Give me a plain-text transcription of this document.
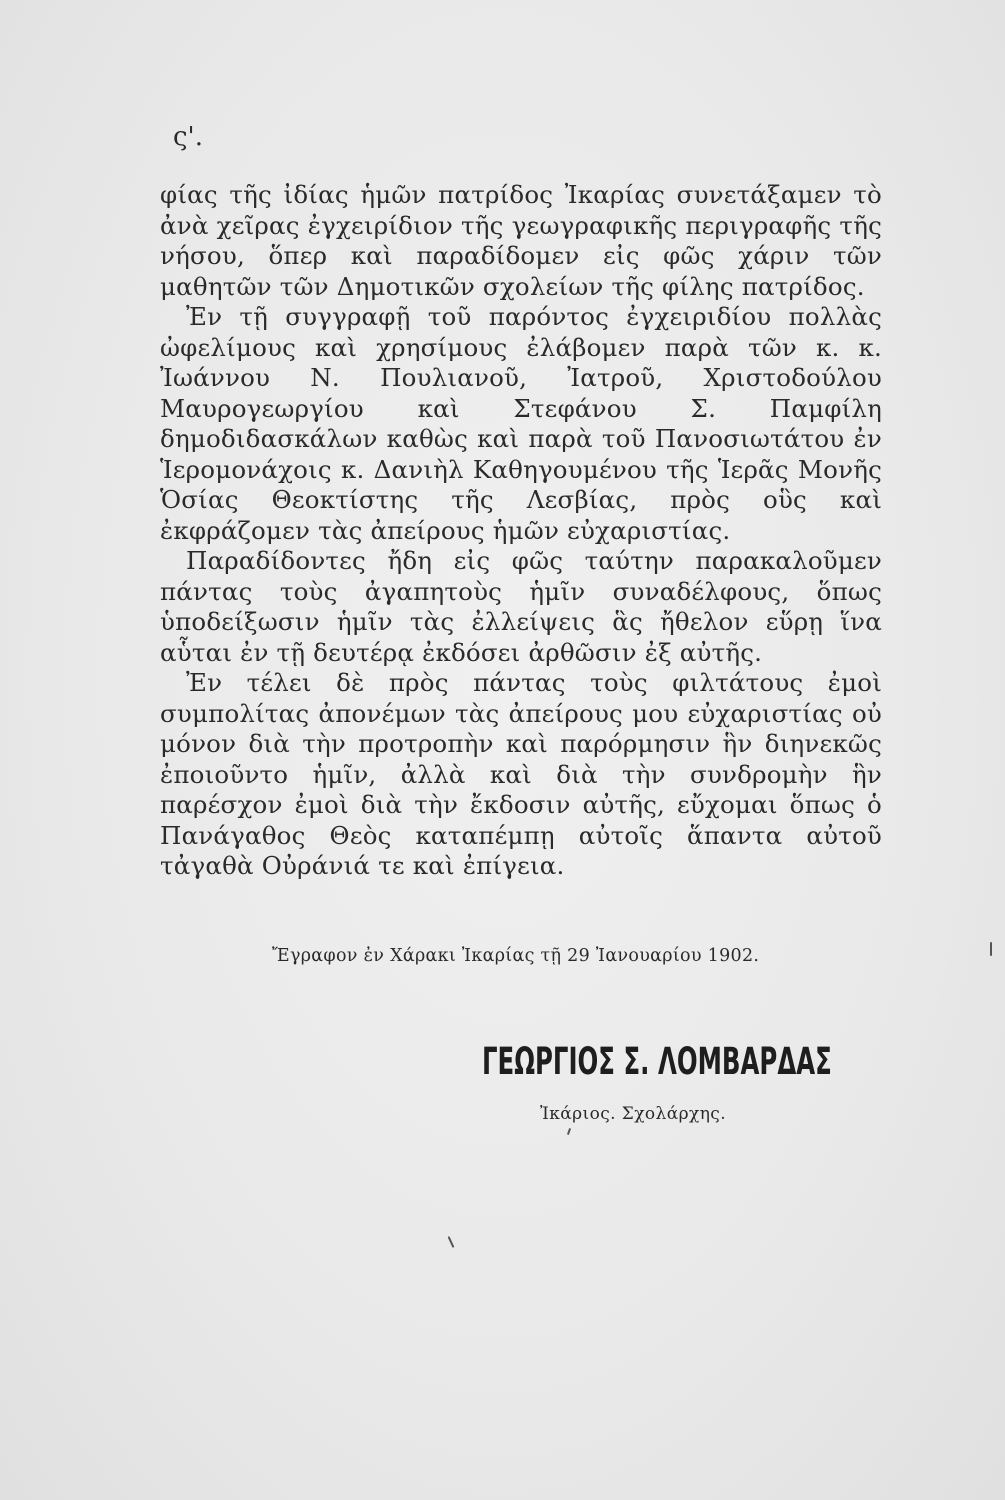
ς'.

φίας τῆς ἰδίας ἡμῶν πατρίδος Ἰκαρίας συνετάξαμεν τὸ ἀνὰ χεῖρας ἐγχειρίδιον τῆς γεωγραφικῆς περιγραφῆς τῆς νήσου, ὅπερ καὶ παραδίδομεν εἰς φῶς χάριν τῶν μαθητῶν τῶν Δημοτικῶν σχολείων τῆς φίλης πατρίδος.

Ἐν τῇ συγγραφῇ τοῦ παρόντος ἐγχειριδίου πολλὰς ὠφελίμους καὶ χρησίμους ἐλάβομεν παρὰ τῶν κ. κ. Ἰωάννου Ν. Πουλιανοῦ, Ἰατροῦ, Χριστοδούλου Μαυρογεωργίου καὶ Στεφάνου Σ. Παμφίλη δημοδιδασκάλων καθὼς καὶ παρὰ τοῦ Πανοσιωτάτου ἐν Ἱερομονάχοις κ. Δανιὴλ Καθηγουμένου τῆς Ἱερᾶς Μονῆς Ὁσίας Θεοκτίστης τῆς Λεσβίας, πρὸς οὓς καὶ ἐκφράζομεν τὰς ἀπείρους ἡμῶν εὐχαριστίας.

Παραδίδοντες ἤδη εἰς φῶς ταύτην παρακαλοῦμεν πάντας τοὺς ἀγαπητοὺς ἡμῖν συναδέλφους, ὅπως ὑποδείξωσιν ἡμῖν τὰς ἐλλείψεις ἃς ἤθελον εὕρῃ ἵνα αὗται ἐν τῇ δευτέρᾳ ἐκδόσει ἀρθῶσιν ἐξ αὐτῆς.

Ἐν τέλει δὲ πρὸς πάντας τοὺς φιλτάτους ἐμοὶ συμπολίτας ἀπονέμων τὰς ἀπείρους μου εὐχαριστίας οὐ μόνον διὰ τὴν προτροπὴν καὶ παρόρμησιν ἣν διηνεκῶς ἐποιοῦντο ἡμῖν, ἀλλὰ καὶ διὰ τὴν συνδρομὴν ἣν παρέσχον ἐμοὶ διὰ τὴν ἔκδοσιν αὐτῆς, εὔχομαι ὅπως ὁ Πανάγαθος Θεὸς καταπέμπῃ αὐτοῖς ἅπαντα αὐτοῦ τἀγαθὰ Οὐράνιά τε καὶ ἐπίγεια.

Ἔγραφον ἐν Χάρακι Ἰκαρίας τῇ 29 Ἰανουαρίου 1902.
ΓΕΩΡΓΙΟΣ Σ. ΛΟΜΒΑΡΔΑΣ
Ἰκάριος. Σχολάρχης.
